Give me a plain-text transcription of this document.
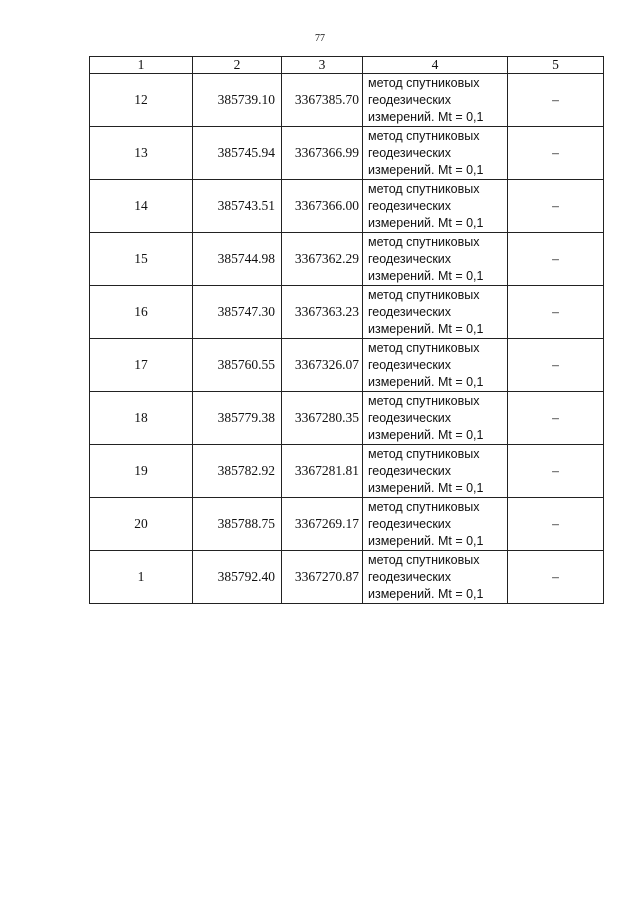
77
1	2	3	4	5
12	385739.10	3367385.70	метод спутниковых
геодезических
измерений. Mt = 0,1	–
13	385745.94	3367366.99	метод спутниковых
геодезических
измерений. Mt = 0,1	–
14	385743.51	3367366.00	метод спутниковых
геодезических
измерений. Mt = 0,1	–
15	385744.98	3367362.29	метод спутниковых
геодезических
измерений. Mt = 0,1	–
16	385747.30	3367363.23	метод спутниковых
геодезических
измерений. Mt = 0,1	–
17	385760.55	3367326.07	метод спутниковых
геодезических
измерений. Mt = 0,1	–
18	385779.38	3367280.35	метод спутниковых
геодезических
измерений. Mt = 0,1	–
19	385782.92	3367281.81	метод спутниковых
геодезических
измерений. Mt = 0,1	–
20	385788.75	3367269.17	метод спутниковых
геодезических
измерений. Mt = 0,1	–
1	385792.40	3367270.87	метод спутниковых
геодезических
измерений. Mt = 0,1	–
